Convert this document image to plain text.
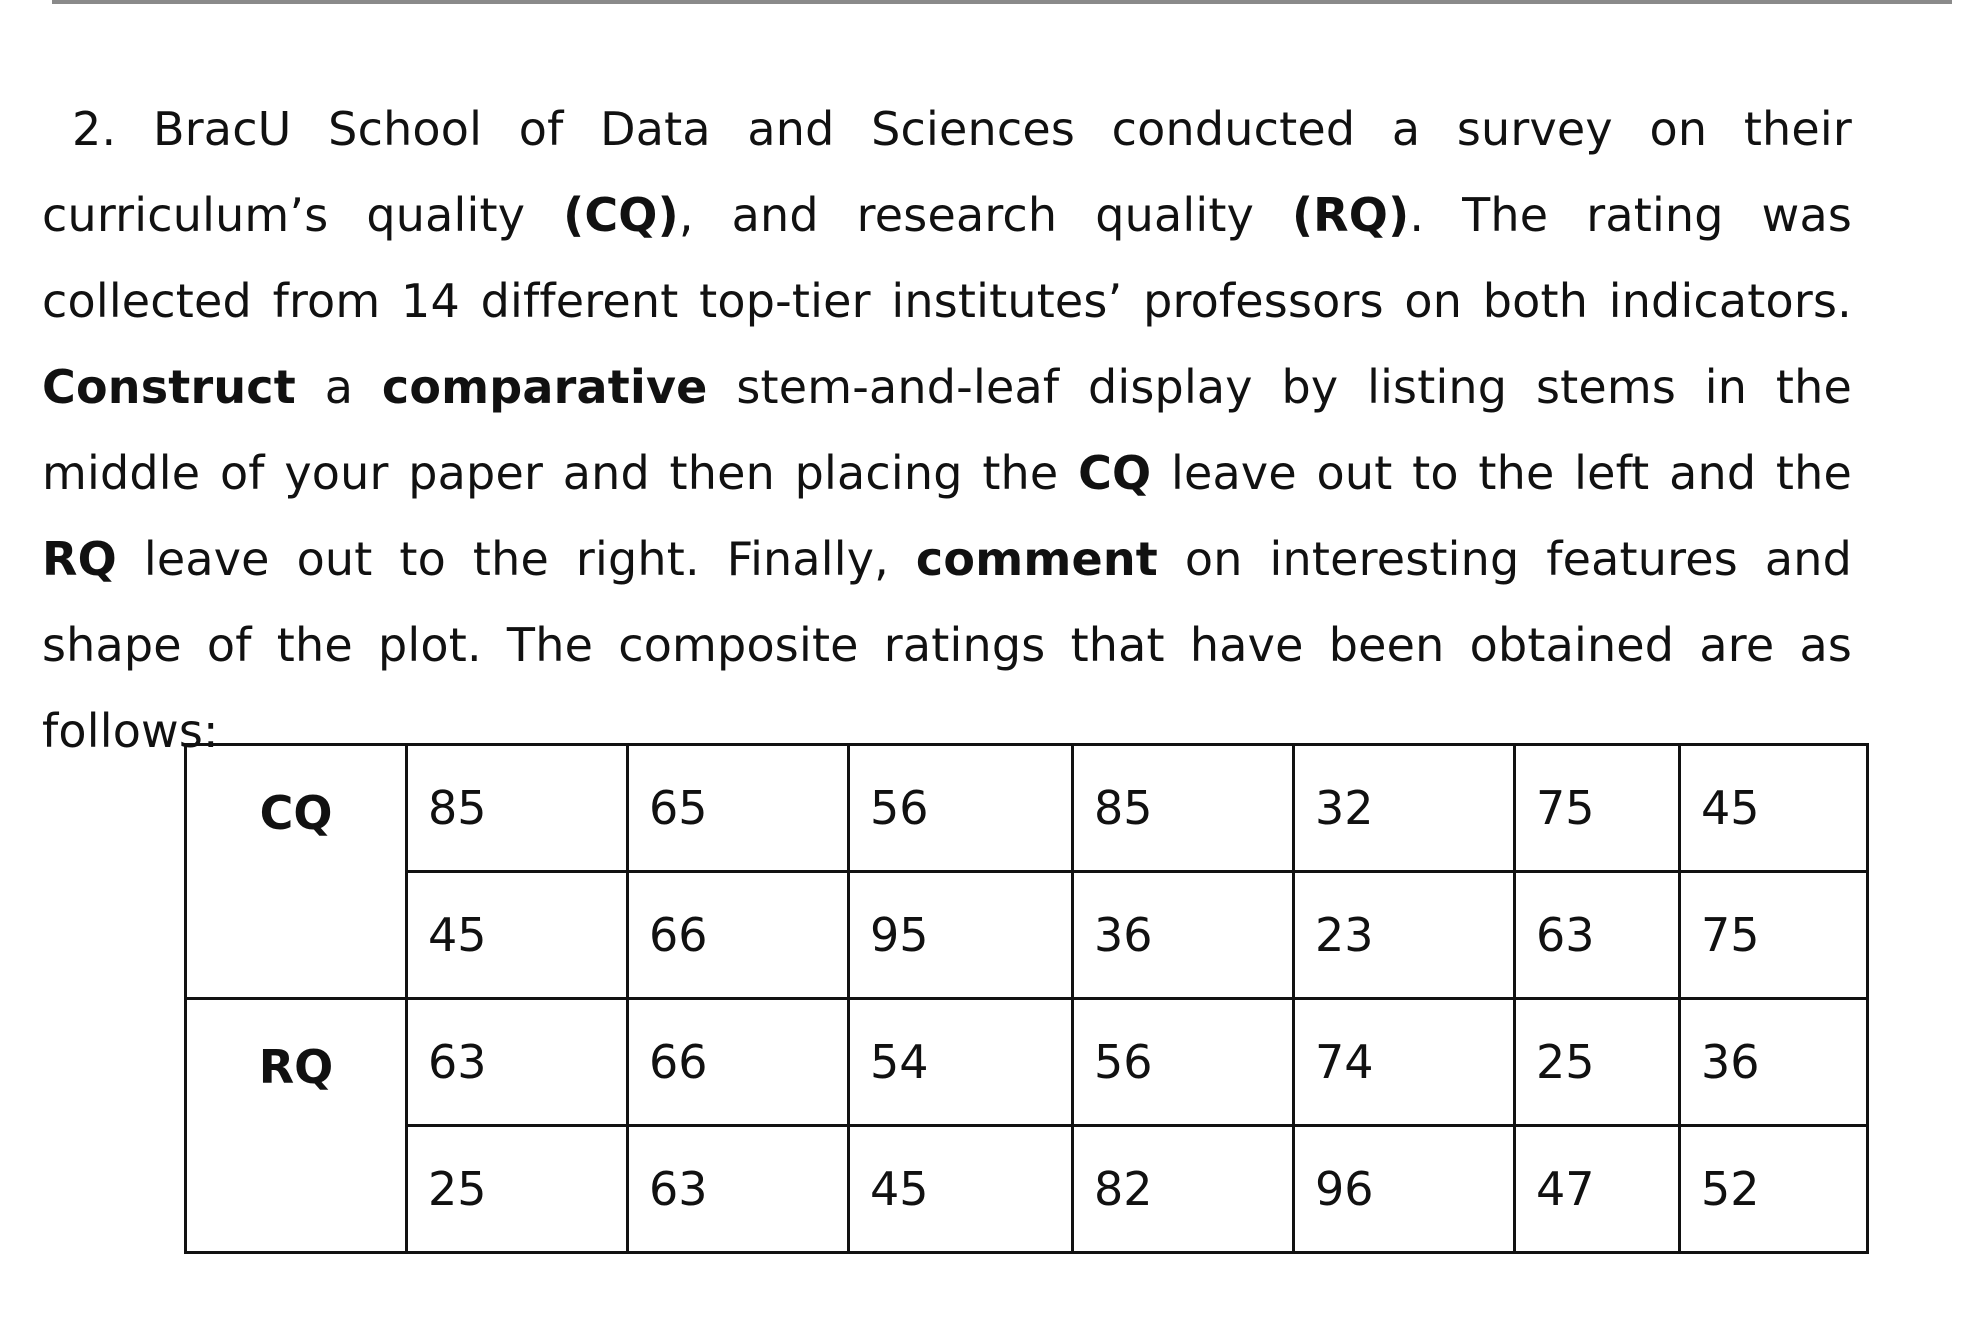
2. BracU School of Data and Sciences conducted a survey on their curriculum’s quality (CQ), and research quality (RQ). The rating was collected from 14 different top-tier institutes’ professors on both indicators. Construct a comparative stem-and-leaf display by listing stems in the middle of your paper and then placing the CQ leave out to the left and the RQ leave out to the right. Finally, comment on interesting features and shape of the plot. The composite ratings that have been obtained are as follows:

CQ	85	65	56	85	32	75	45
	45	66	95	36	23	63	75
RQ	63	66	54	56	74	25	36
	25	63	45	82	96	47	52
